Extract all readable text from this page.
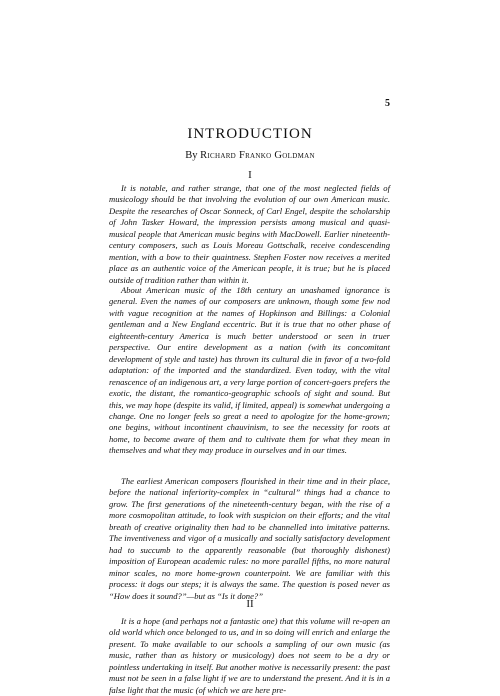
5
INTRODUCTION

By Richard Franko Goldman

I

It is notable, and rather strange, that one of the most neglected fields of musicology should be that involving the evolution of our own American music. Despite the researches of Oscar Sonneck, of Carl Engel, despite the scholarship of John Tasker Howard, the impression persists among musical and quasi-musical people that American music begins with MacDowell. Earlier nineteenth-century composers, such as Louis Moreau Gottschalk, receive condescending mention, with a bow to their quaintness. Stephen Foster now receives a merited place as an authentic voice of the American people, it is true; but he is placed outside of tradition rather than within it.

About American music of the 18th century an unashamed ignorance is general. Even the names of our composers are unknown, though some few nod with vague recognition at the names of Hopkinson and Billings: a Colonial gentleman and a New England eccentric. But it is true that no other phase of eighteenth-century America is much better understood or seen in truer perspective. Our entire development as a nation (with its concomitant development of style and taste) has thrown its cultural die in favor of a two-fold adaptation: of the imported and the standardized. Even today, with the vital renascence of an indigenous art, a very large portion of concert-goers prefers the exotic, the distant, the romantico-geographic schools of sight and sound. But this, we may hope (despite its valid, if limited, appeal) is somewhat undergoing a change. One no longer feels so great a need to apologize for the home-grown; one begins, without incontinent chauvinism, to see the necessity for roots at home, to become aware of them and to cultivate them for what they mean in themselves and what they may produce in ourselves and in our times.

The earliest American composers flourished in their time and in their place, before the national inferiority-complex in “cultural” things had a chance to grow. The first generations of the nineteenth-century began, with the rise of a more cosmopolitan attitude, to look with suspicion on their efforts; and the vital breath of creative originality then had to be channelled into imitative patterns. The inventiveness and vigor of a musically and socially satisfactory development had to succumb to the apparently reasonable (but thoroughly dishonest) imposition of European academic rules: no more parallel fifths, no more natural minor scales, no more home-grown counterpoint. We are familiar with this process: it dogs our steps; it is always the same. The question is posed never as “How does it sound?”—but as “Is it done?”

II

It is a hope (and perhaps not a fantastic one) that this volume will re-open an old world which once belonged to us, and in so doing will enrich and enlarge the present. To make available to our schools a sampling of our own music (as music, rather than as history or musicology) does not seem to be a dry or pointless undertaking in itself. But another motive is necessarily present: the past must not be seen in a false light if we are to understand the present. And it is in a false light that the music (of which we are here pre-
